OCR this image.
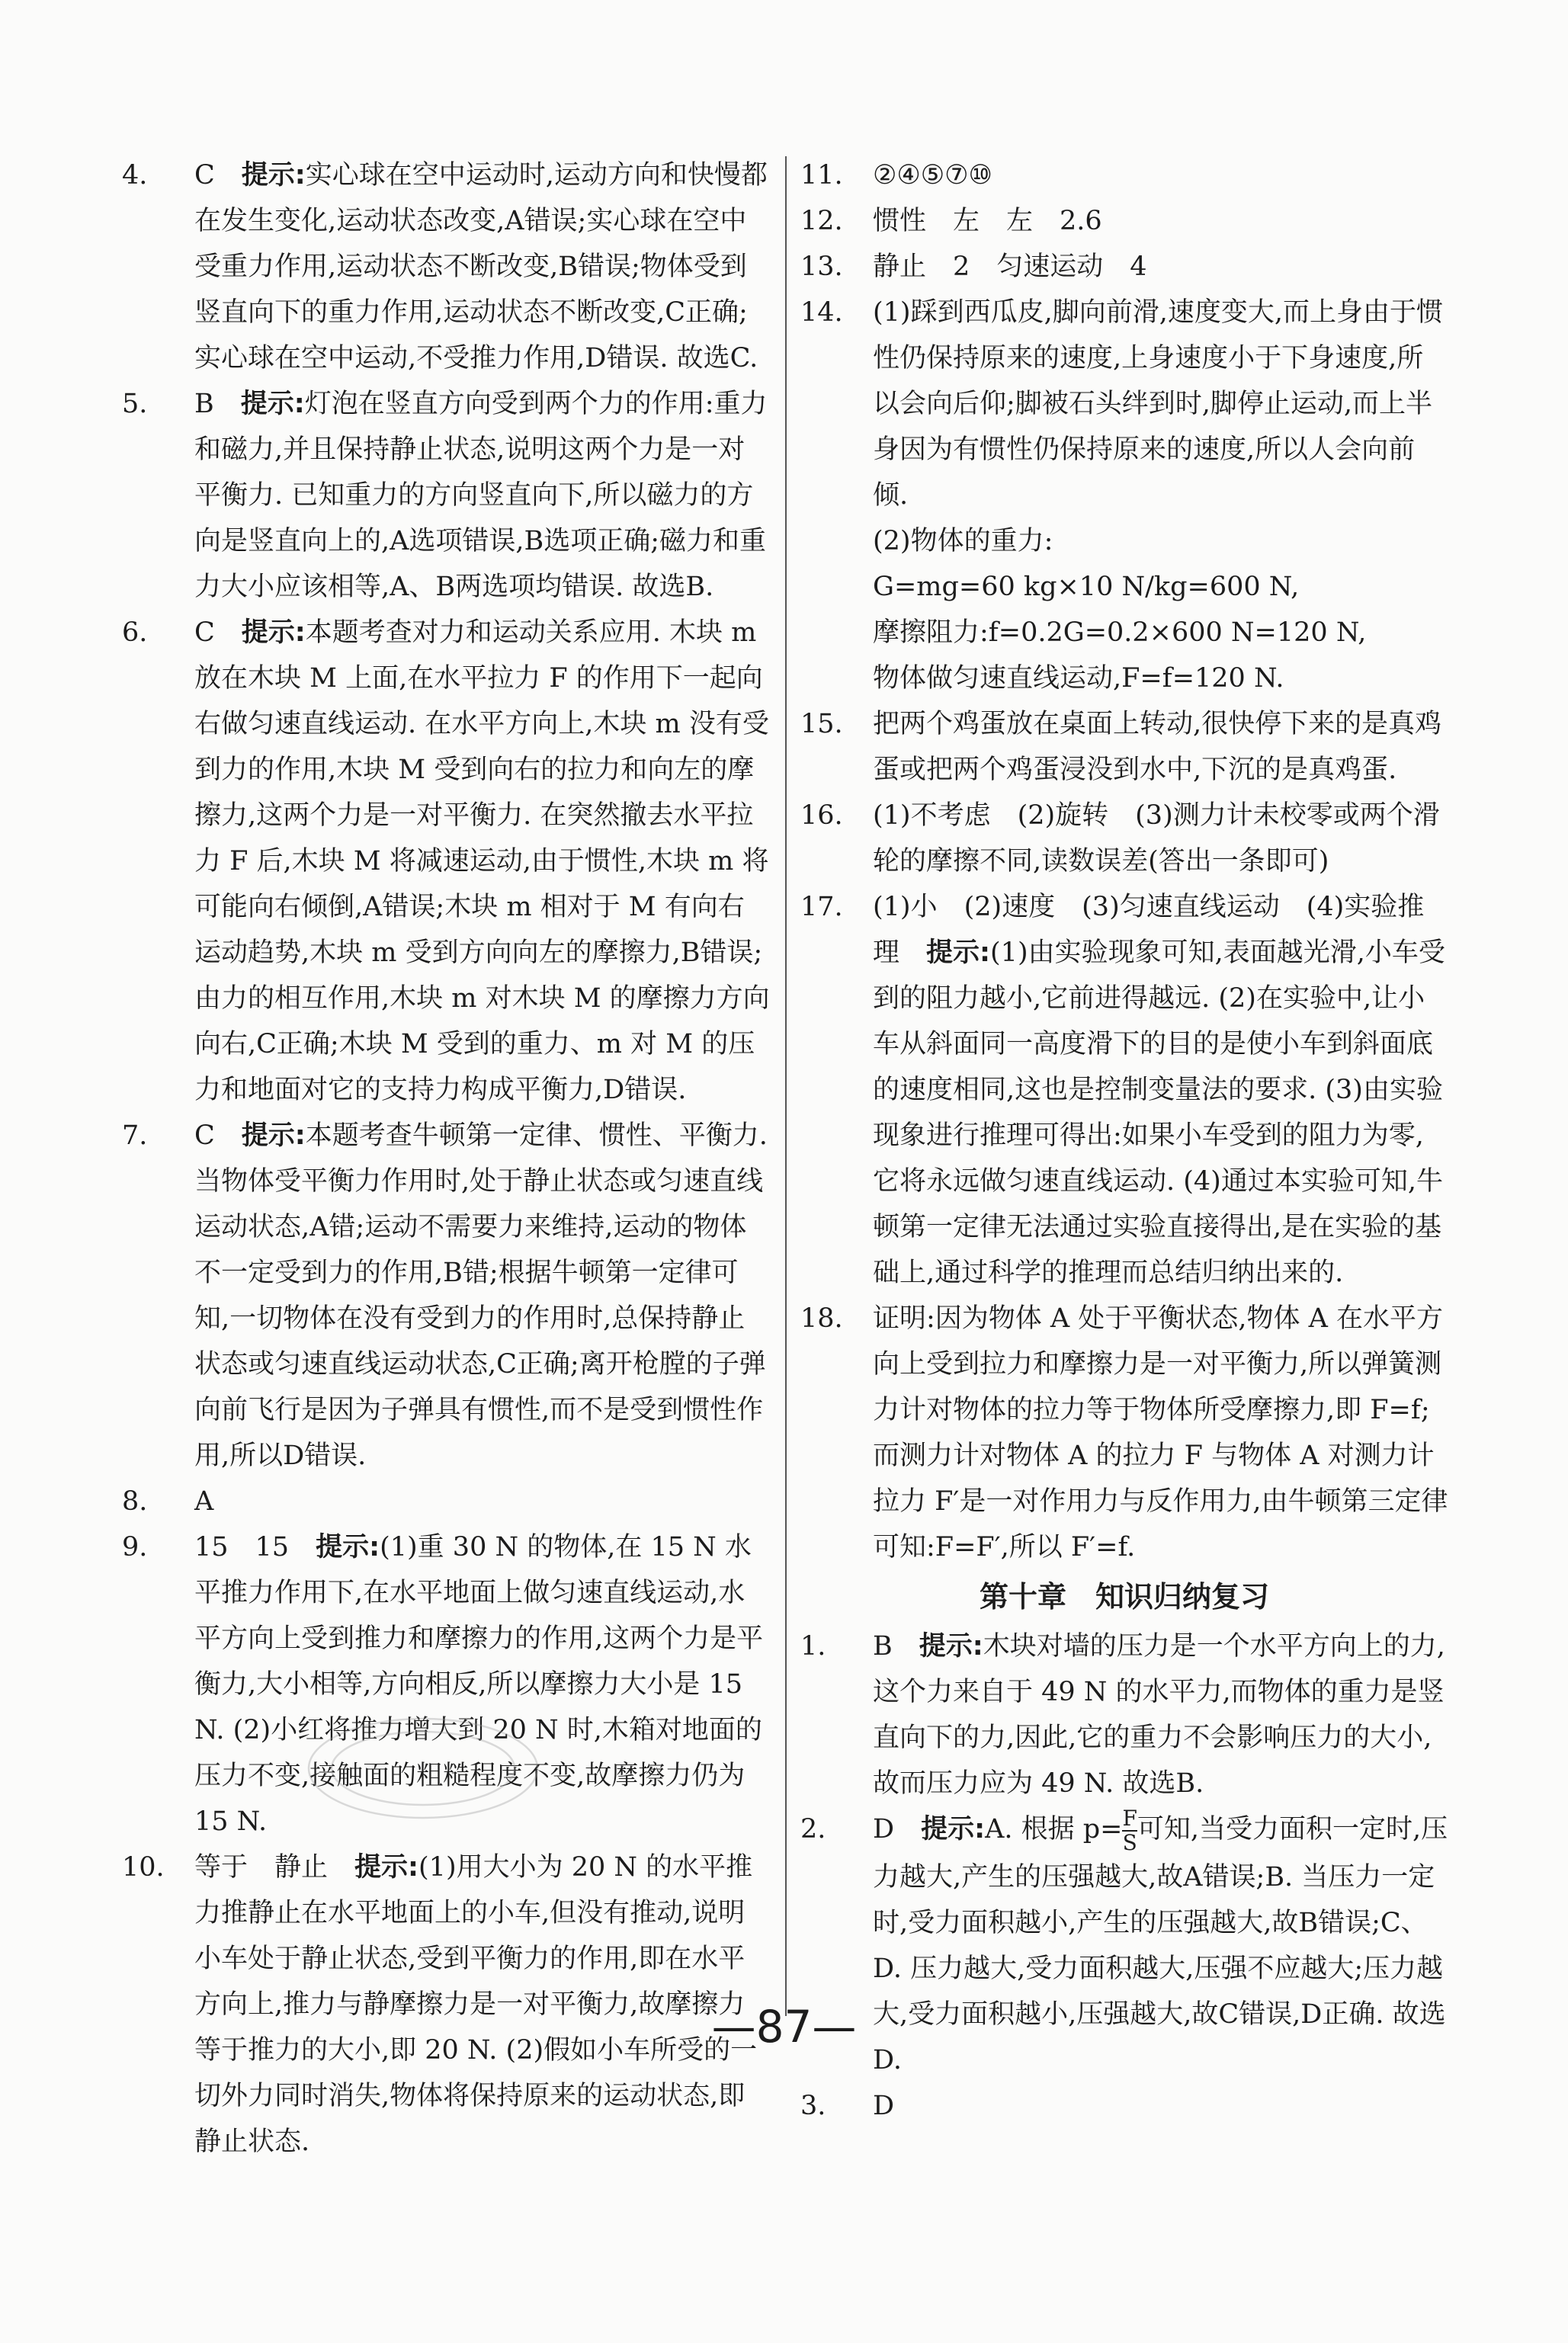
4. C　 提示:实心球在空中运动时,运动方向和快慢都在发生变化,运动状态改变,A错误;实心球在空中受重力作用,运动状态不断改变,B错误;物体受到竖直向下的重力作用,运动状态不断改变,C正确;实心球在空中运动,不受推力作用,D错误. 故选C.

5. B　 提示:灯泡在竖直方向受到两个力的作用:重力和磁力,并且保持静止状态,说明这两个力是一对平衡力. 已知重力的方向竖直向下,所以磁力的方向是竖直向上的,A选项错误,B选项正确;磁力和重力大小应该相等,A、B两选项均错误. 故选B.

6. C　 提示:本题考查对力和运动关系应用. 木块 m 放在木块 M 上面,在水平拉力 F 的作用下一起向右做匀速直线运动. 在水平方向上,木块 m 没有受到力的作用,木块 M 受到向右的拉力和向左的摩擦力,这两个力是一对平衡力. 在突然撤去水平拉力 F 后,木块 M 将减速运动,由于惯性,木块 m 将可能向右倾倒,A错误;木块 m 相对于 M 有向右运动趋势,木块 m 受到方向向左的摩擦力,B错误;由力的相互作用,木块 m 对木块 M 的摩擦力方向向右,C正确;木块 M 受到的重力、m 对 M 的压力和地面对它的支持力构成平衡力,D错误.

7. C　 提示:本题考查牛顿第一定律、惯性、平衡力. 当物体受平衡力作用时,处于静止状态或匀速直线运动状态,A错;运动不需要力来维持,运动的物体不一定受到力的作用,B错;根据牛顿第一定律可知,一切物体在没有受到力的作用时,总保持静止状态或匀速直线运动状态,C正确;离开枪膛的子弹向前飞行是因为子弹具有惯性,而不是受到惯性作用,所以D错误.

8. A

9. 15　15　 提示:(1)重 30 N 的物体,在 15 N 水平推力作用下,在水平地面上做匀速直线运动,水平方向上受到推力和摩擦力的作用,这两个力是平衡力,大小相等,方向相反,所以摩擦力大小是 15 N. (2)小红将推力增大到 20 N 时,木箱对地面的压力不变,接触面的粗糙程度不变,故摩擦力仍为 15 N.

10. 等于　静止　 提示:(1)用大小为 20 N 的水平推力推静止在水平地面上的小车,但没有推动,说明小车处于静止状态,受到平衡力的作用,即在水平方向上,推力与静摩擦力是一对平衡力,故摩擦力等于推力的大小,即 20 N. (2)假如小车所受的一切外力同时消失,物体将保持原来的运动状态,即静止状态.

11. ②④⑤⑦⑩

12. 惯性　左　左　2.6

13. 静止　2　匀速运动　4

14. (1)踩到西瓜皮,脚向前滑,速度变大,而上身由于惯性仍保持原来的速度,上身速度小于下身速度,所以会向后仰;脚被石头绊到时,脚停止运动,而上半身因为有惯性仍保持原来的速度,所以人会向前倾.

(2)物体的重力:

G=mg=60 kg×10 N/kg=600 N,

摩擦阻力:f=0.2G=0.2×600 N=120 N,

物体做匀速直线运动,F=f=120 N.

15. 把两个鸡蛋放在桌面上转动,很快停下来的是真鸡蛋或把两个鸡蛋浸没到水中,下沉的是真鸡蛋.

16. (1)不考虑　(2)旋转　(3)测力计未校零或两个滑轮的摩擦不同,读数误差(答出一条即可)

17. (1)小　(2)速度　(3)匀速直线运动　(4)实验推理　 提示:(1)由实验现象可知,表面越光滑,小车受到的阻力越小,它前进得越远. (2)在实验中,让小车从斜面同一高度滑下的目的是使小车到斜面底的速度相同,这也是控制变量法的要求. (3)由实验现象进行推理可得出:如果小车受到的阻力为零,它将永远做匀速直线运动. (4)通过本实验可知,牛顿第一定律无法通过实验直接得出,是在实验的基础上,通过科学的推理而总结归纳出来的.

18. 证明:因为物体 A 处于平衡状态,物体 A 在水平方向上受到拉力和摩擦力是一对平衡力,所以弹簧测力计对物体的拉力等于物体所受摩擦力,即 F=f;而测力计对物体 A 的拉力 F 与物体 A 对测力计拉力 F′是一对作用力与反作用力,由牛顿第三定律可知:F=F′,所以 F′=f.

第十章　知识归纳复习

1. B　 提示:木块对墙的压力是一个水平方向上的力,这个力来自于 49 N 的水平力,而物体的重力是竖直向下的力,因此,它的重力不会影响压力的大小,故而压力应为 49 N. 故选B.

2. D　 提示:A. 根据 $p= \frac{F}{S}$ 可知,当受力面积一定时,压力越大,产生的压强越大,故A错误;B. 当压力一定时,受力面积越小,产生的压强越大,故B错误;C、D. 压力越大,受力面积越大,压强不应越大;压力越大,受力面积越小,压强越大,故C错误,D正确. 故选D.

3. D

—87—
